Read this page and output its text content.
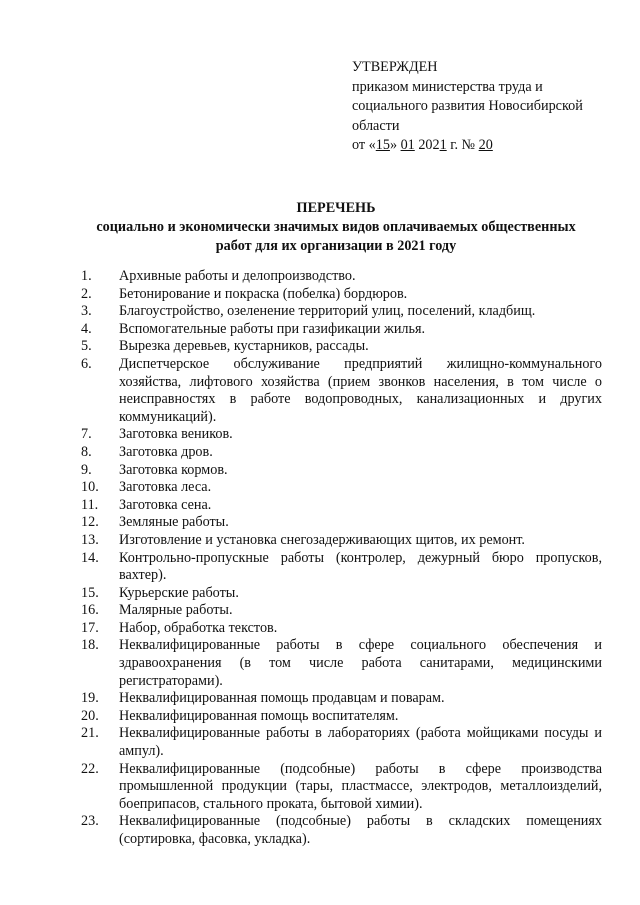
УТВЕРЖДЕН
приказом министерства труда и
социального развития Новосибирской
области
от «15» 01 2021 г. № 20
ПЕРЕЧЕНЬ
социально и экономически значимых видов оплачиваемых общественных
работ для их организации в 2021 году
1. Архивные работы и делопроизводство.
2. Бетонирование и покраска (побелка) бордюров.
3. Благоустройство, озеленение территорий улиц, поселений, кладбищ.
4. Вспомогательные работы при газификации жилья.
5. Вырезка деревьев, кустарников, рассады.
6. Диспетчерское обслуживание предприятий жилищно-коммунального хозяйства, лифтового хозяйства (прием звонков населения, в том числе о неисправностях в работе водопроводных, канализационных и других коммуникаций).
7. Заготовка веников.
8. Заготовка дров.
9. Заготовка кормов.
10. Заготовка леса.
11. Заготовка сена.
12. Земляные работы.
13. Изготовление и установка снегозадерживающих щитов, их ремонт.
14. Контрольно-пропускные работы (контролер, дежурный бюро пропусков, вахтер).
15. Курьерские работы.
16. Малярные работы.
17. Набор, обработка текстов.
18. Неквалифицированные работы в сфере социального обеспечения и здравоохранения (в том числе работа санитарами, медицинскими регистраторами).
19. Неквалифицированная помощь продавцам и поварам.
20. Неквалифицированная помощь воспитателям.
21. Неквалифицированные работы в лабораториях (работа мойщиками посуды и ампул).
22. Неквалифицированные (подсобные) работы в сфере производства промышленной продукции (тары, пластмассе, электродов, металлоизделий, боеприпасов, стального проката, бытовой химии).
23. Неквалифицированные (подсобные) работы в складских помещениях (сортировка, фасовка, укладка).
